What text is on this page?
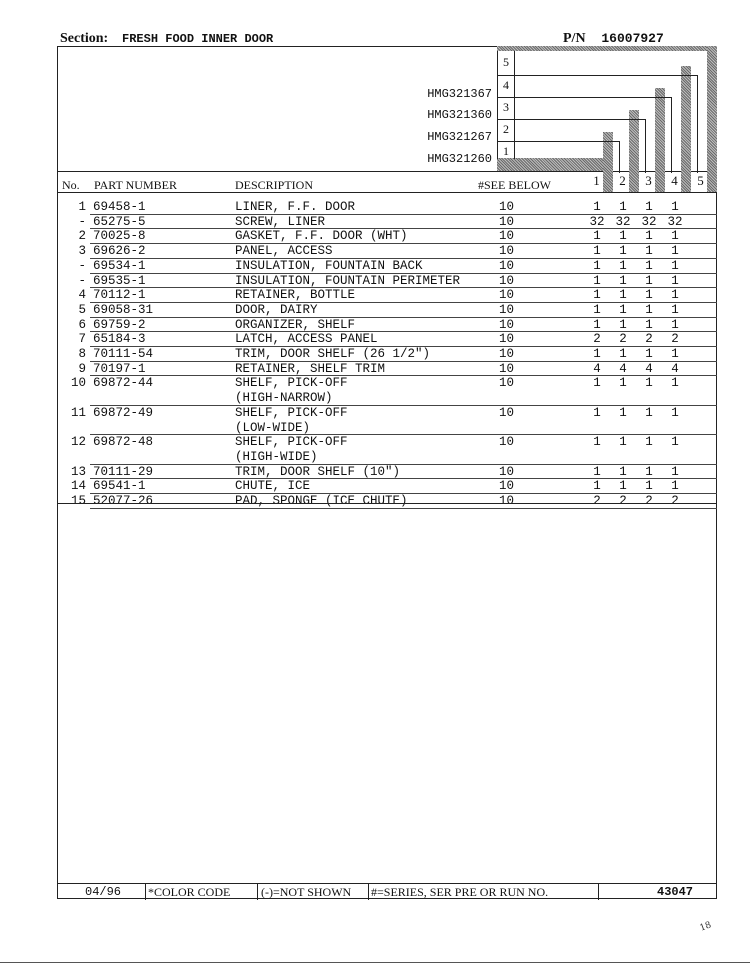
Section: FRESH FOOD INNER DOOR	P/N 16007927
5
4
3
2
1
HMG321367
HMG321360
HMG321267
HMG321260
No. PART NUMBER	DESCRIPTION	#SEE BELOW	1 2 3 4 5
1 69458-1	LINER, F.F. DOOR	10	1	1	1	1
- 65275-5	SCREW, LINER	10	32 32 32 32
2 70025-8	GASKET, F.F. DOOR (WHT)	10	1	1	1	1
3 69626-2	PANEL, ACCESS	10	1	1	1	1
- 69534-1	INSULATION, FOUNTAIN BACK	10	1	1	1	1
- 69535-1	INSULATION, FOUNTAIN PERIMETER	10	1	1	1	1
4 70112-1	RETAINER, BOTTLE	10	1	1	1	1
5 69058-31	DOOR, DAIRY	10	1	1	1	1
6 69759-2	ORGANIZER, SHELF	10	1	1	1	1
7 65184-3	LATCH, ACCESS PANEL	10	2	2	2	2
8 70111-54	TRIM, DOOR SHELF (26 1/2")	10	1	1	1	1
9 70197-1	RETAINER, SHELF TRIM	10	4	4	4	4
10 69872-44	SHELF, PICK-OFF	10	1	1	1	1
(HIGH-NARROW)
11 69872-49	SHELF, PICK-OFF	10	1	1	1	1
(LOW-WIDE)
12 69872-48	SHELF, PICK-OFF	10	1	1	1	1
(HIGH-WIDE)
13 70111-29	TRIM, DOOR SHELF (10")	10	1	1	1	1
14 69541-1	CHUTE, ICE	10	1	1	1	1
15 52077-26	PAD, SPONGE (ICE CHUTE)	10	2	2	2	2
04/96 *COLOR CODE	(-)=NOT SHOWN #=SERIES, SER PRE OR RUN NO.	43047
18
